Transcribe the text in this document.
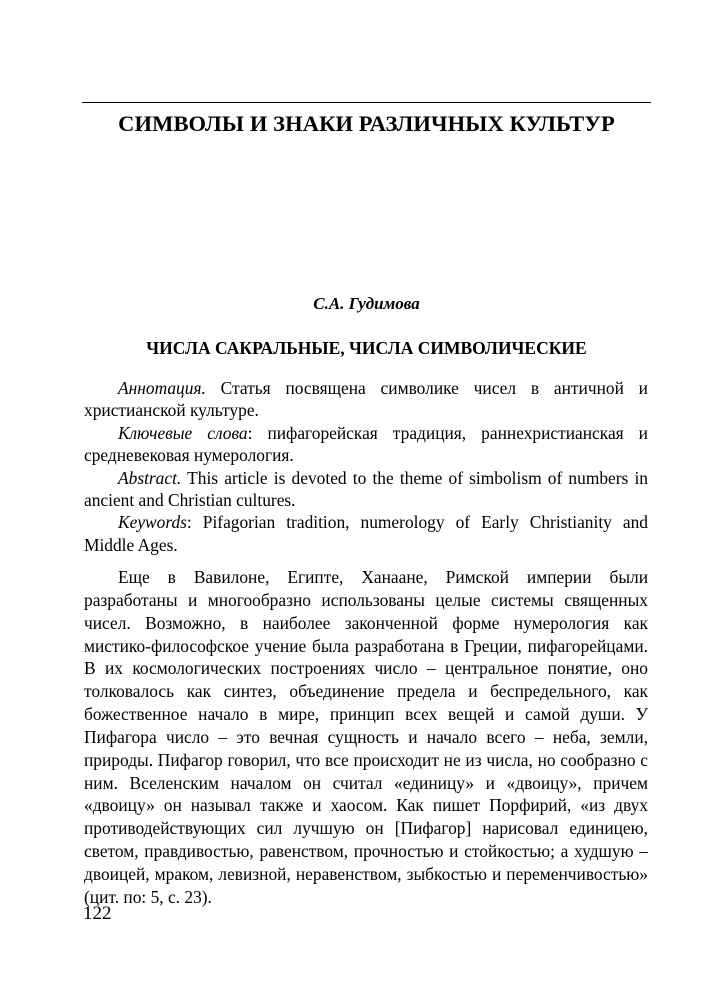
СИМВОЛЫ И ЗНАКИ РАЗЛИЧНЫХ КУЛЬТУР

С.А. Гудимова

ЧИСЛА САКРАЛЬНЫЕ, ЧИСЛА СИМВОЛИЧЕСКИЕ

Аннотация. Статья посвящена символике чисел в античной и христианской культуре.

Ключевые слова: пифагорейская традиция, раннехристианская и средневековая нумерология.

Abstract. This article is devoted to the theme of simbolism of numbers in ancient and Christian cultures.

Keywords: Pifagorian tradition, numerology of Early Christianity and Middle Ages.

Еще в Вавилоне, Египте, Ханаане, Римской империи были разработаны и многообразно использованы целые системы священных чисел. Возможно, в наиболее законченной форме нумерология как мистико-философское учение была разработана в Греции, пифагорейцами. В их космологических построениях число – центральное понятие, оно толковалось как синтез, объединение предела и беспредельного, как божественное начало в мире, принцип всех вещей и самой души. У Пифагора число – это вечная сущность и начало всего – неба, земли, природы. Пифагор говорил, что все происходит не из числа, но сообразно с ним. Вселенским началом он считал «единицу» и «двоицу», причем «двоицу» он называл также и хаосом. Как пишет Порфирий, «из двух противодействующих сил лучшую он [Пифагор] нарисовал единицею, светом, правдивостью, равенством, прочностью и стойкостью; а худшую – двоицей, мраком, левизной, неравенством, зыбкостью и переменчивостью» (цит. по: 5, с. 23).

122
